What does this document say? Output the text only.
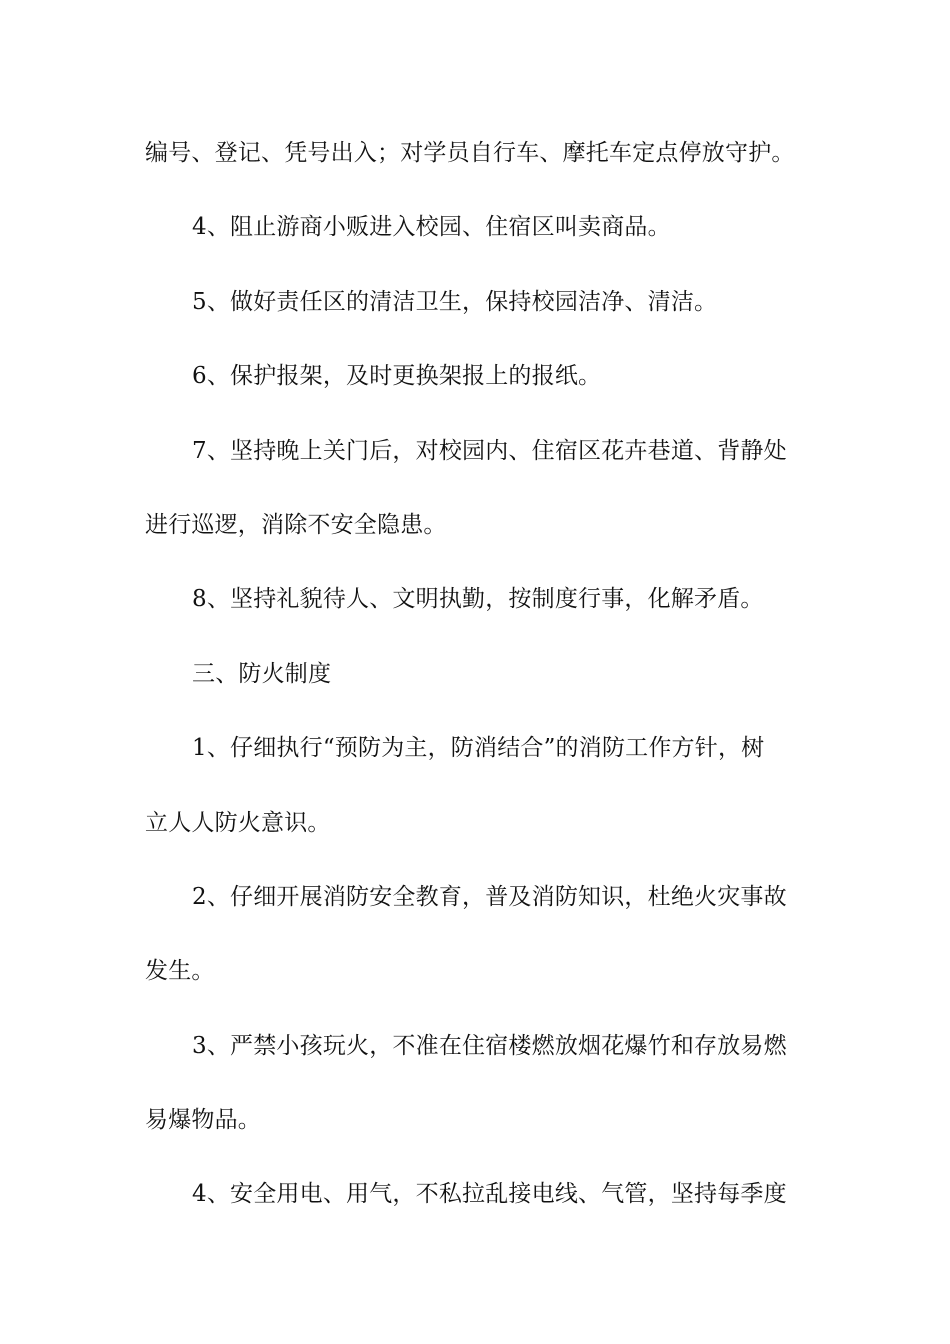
编号、登记、凭号出入；对学员自行车、摩托车定点停放守护。
4、阻止游商小贩进入校园、住宿区叫卖商品。
5、做好责任区的清洁卫生，保持校园洁净、清洁。
6、保护报架，及时更换架报上的报纸。
7、坚持晚上关门后，对校园内、住宿区花卉巷道、背静处
进行巡逻，消除不安全隐患。
8、坚持礼貌待人、文明执勤，按制度行事，化解矛盾。
三、防火制度
1、仔细执行“预防为主，防消结合”的消防工作方针，树
立人人防火意识。
2、仔细开展消防安全教育，普及消防知识，杜绝火灾事故
发生。
3、严禁小孩玩火，不准在住宿楼燃放烟花爆竹和存放易燃
易爆物品。
4、安全用电、用气，不私拉乱接电线、气管，坚持每季度
